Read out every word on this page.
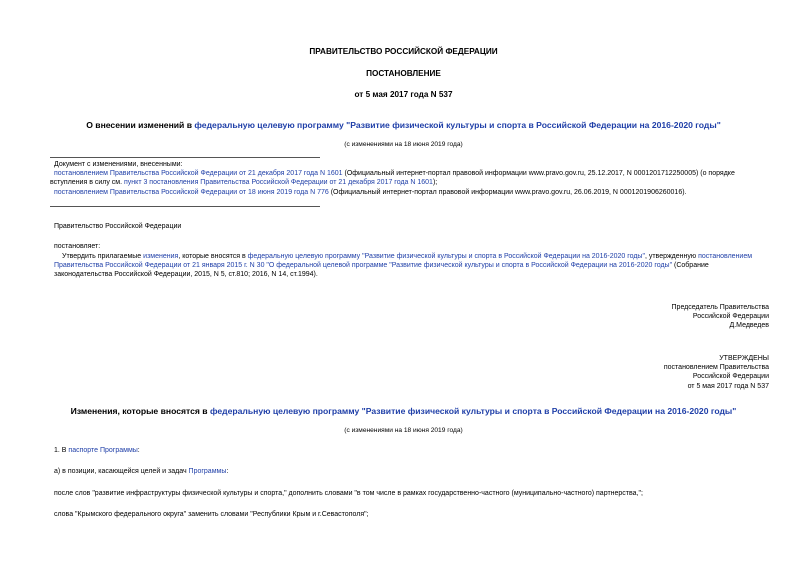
ПРАВИТЕЛЬСТВО РОССИЙСКОЙ ФЕДЕРАЦИИ
ПОСТАНОВЛЕНИЕ
от 5 мая 2017 года N 537
О внесении изменений в федеральную целевую программу "Развитие физической культуры и спорта в Российской Федерации на 2016-2020 годы"
(с изменениями на 18 июня 2019 года)
Документ с изменениями, внесенными:
постановлением Правительства Российской Федерации от 21 декабря 2017 года N 1601 (Официальный интернет-портал правовой информации www.pravo.gov.ru, 25.12.2017, N 0001201712250005) (о порядке
вступления в силу см. пункт 3 постановления Правительства Российской Федерации от 21 декабря 2017 года N 1601);
постановлением Правительства Российской Федерации от 18 июня 2019 года N 776 (Официальный интернет-портал правовой информации www.pravo.gov.ru, 26.06.2019, N 0001201906260016).
Правительство Российской Федерации
постановляет:
Утвердить прилагаемые изменения, которые вносятся в федеральную целевую программу "Развитие физической культуры и спорта в Российской Федерации на 2016-2020 годы", утвержденную постановлением
Правительства Российской Федерации от 21 января 2015 г. N 30 "О федеральной целевой программе "Развитие физической культуры и спорта в Российской Федерации на 2016-2020 годы" (Собрание
законодательства Российской Федерации, 2015, N 5, ст.810; 2016, N 14, ст.1994).
Председатель Правительства
Российской Федерации
Д.Медведев
УТВЕРЖДЕНЫ
постановлением Правительства
Российской Федерации
от 5 мая 2017 года N 537
Изменения, которые вносятся в федеральную целевую программу "Развитие физической культуры и спорта в Российской Федерации на 2016-2020 годы"
(с изменениями на 18 июня 2019 года)
1. В паспорте Программы:
а) в позиции, касающейся целей и задач Программы:
после слов "развитие инфраструктуры физической культуры и спорта," дополнить словами "в том числе в рамках государственно-частного (муниципально-частного) партнерства,";
слова "Крымского федерального округа" заменить словами "Республики Крым и г.Севастополя";
